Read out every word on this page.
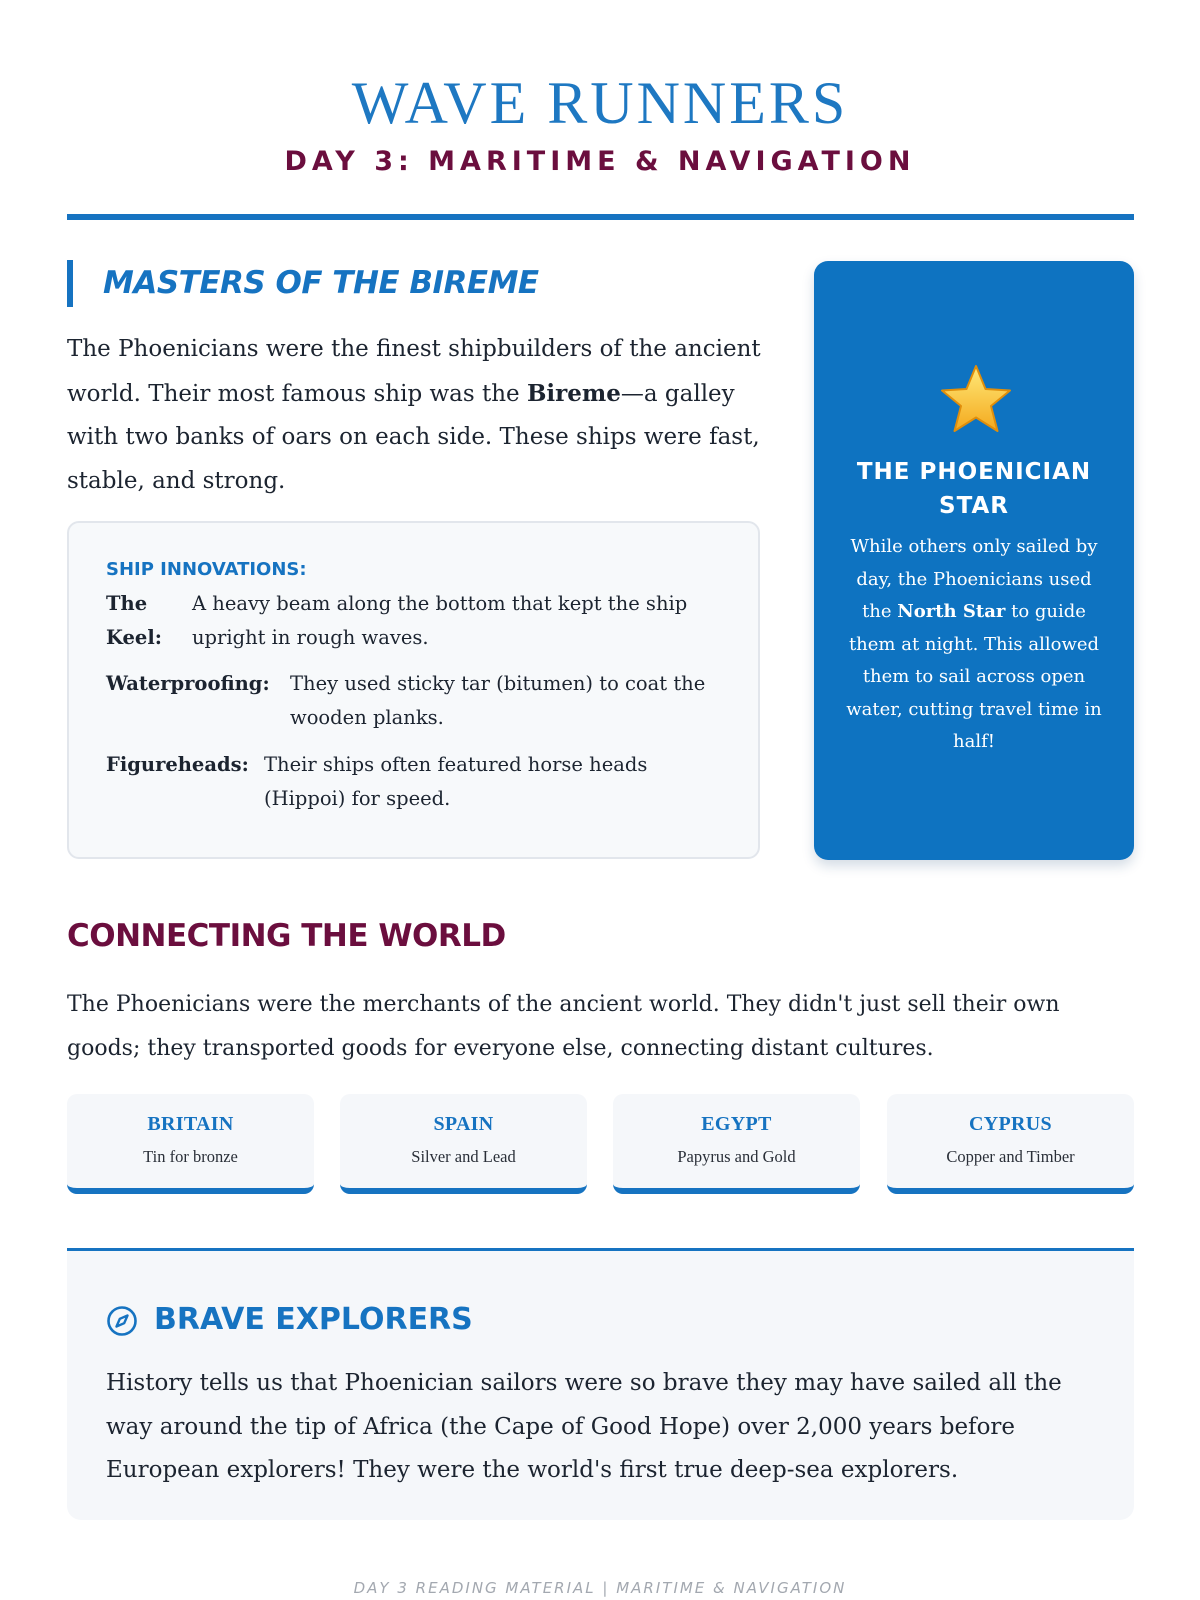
WAVE RUNNERS
DAY 3: MARITIME & NAVIGATION
MASTERS OF THE BIREME
The Phoenicians were the finest shipbuilders of the ancient world. Their most famous ship was the Bireme—a galley with two banks of oars on each side. These ships were fast, stable, and strong.
SHIP INNOVATIONS:
The
Keel:
A heavy beam along the bottom that kept the ship
upright in rough waves.
Waterproofing: They used sticky tar (bitumen) to coat the
wooden planks.
Figureheads: Their ships often featured horse heads
(Hippoi) for speed.
THE PHOENICIAN
STAR
While others only sailed by
day, the Phoenicians used
the North Star to guide
them at night. This allowed
them to sail across open
water, cutting travel time in
half!
CONNECTING THE WORLD
The Phoenicians were the merchants of the ancient world. They didn't just sell their own
goods; they transported goods for everyone else, connecting distant cultures.
BRITAIN
Tin for bronze
SPAIN
Silver and Lead
EGYPT
Papyrus and Gold
CYPRUS
Copper and Timber
BRAVE EXPLORERS
History tells us that Phoenician sailors were so brave they may have sailed all the
way around the tip of Africa (the Cape of Good Hope) over 2,000 years before
European explorers! They were the world's first true deep-sea explorers.
DAY 3 READING MATERIAL | MARITIME & NAVIGATION
